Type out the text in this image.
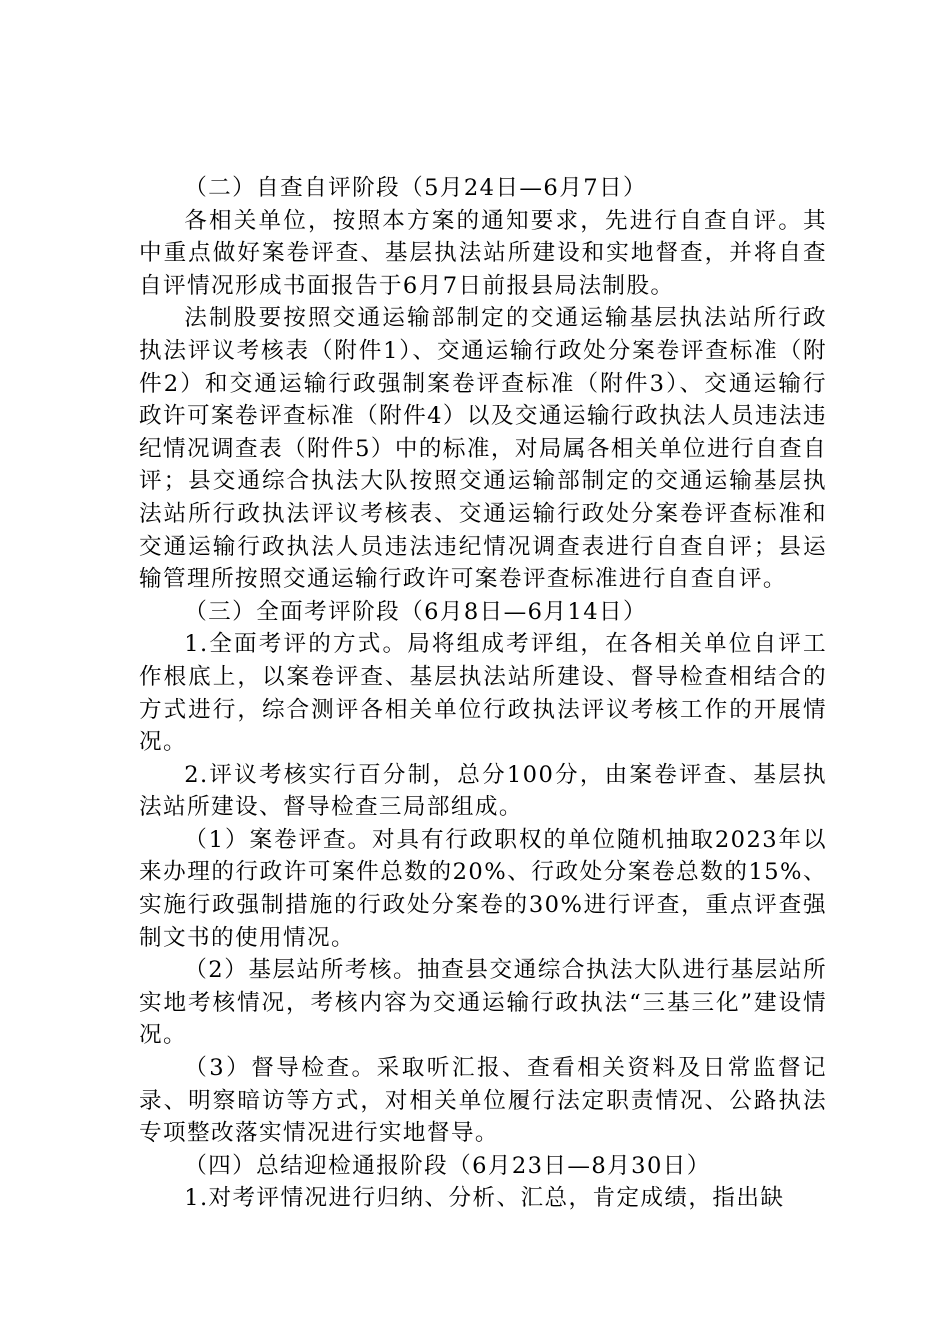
（二）自查自评阶段（5月24日—6月7日）

各相关单位，按照本方案的通知要求，先进行自查自评。其中重点做好案卷评查、基层执法站所建设和实地督查，并将自查自评情况形成书面报告于6月7日前报县局法制股。

法制股要按照交通运输部制定的交通运输基层执法站所行政执法评议考核表（附件1）、交通运输行政处分案卷评查标准（附件2）和交通运输行政强制案卷评查标准（附件3）、交通运输行政许可案卷评查标准（附件4）以及交通运输行政执法人员违法违纪情况调查表（附件5）中的标准，对局属各相关单位进行自查自评；县交通综合执法大队按照交通运输部制定的交通运输基层执法站所行政执法评议考核表、交通运输行政处分案卷评查标准和交通运输行政执法人员违法违纪情况调查表进行自查自评；县运输管理所按照交通运输行政许可案卷评查标准进行自查自评。

（三）全面考评阶段（6月8日—6月14日）

1.全面考评的方式。局将组成考评组，在各相关单位自评工作根底上，以案卷评查、基层执法站所建设、督导检查相结合的方式进行，综合测评各相关单位行政执法评议考核工作的开展情况。

2.评议考核实行百分制，总分100分，由案卷评查、基层执法站所建设、督导检查三局部组成。

（1）案卷评查。对具有行政职权的单位随机抽取2023年以来办理的行政许可案件总数的20%、行政处分案卷总数的15%、实施行政强制措施的行政处分案卷的30%进行评查，重点评查强制文书的使用情况。

（2）基层站所考核。抽查县交通综合执法大队进行基层站所实地考核情况，考核内容为交通运输行政执法“三基三化”建设情况。

（3）督导检查。采取听汇报、查看相关资料及日常监督记录、明察暗访等方式，对相关单位履行法定职责情况、公路执法专项整改落实情况进行实地督导。

（四）总结迎检通报阶段（6月23日—8月30日）

1.对考评情况进行归纳、分析、汇总，肯定成绩，指出缺
